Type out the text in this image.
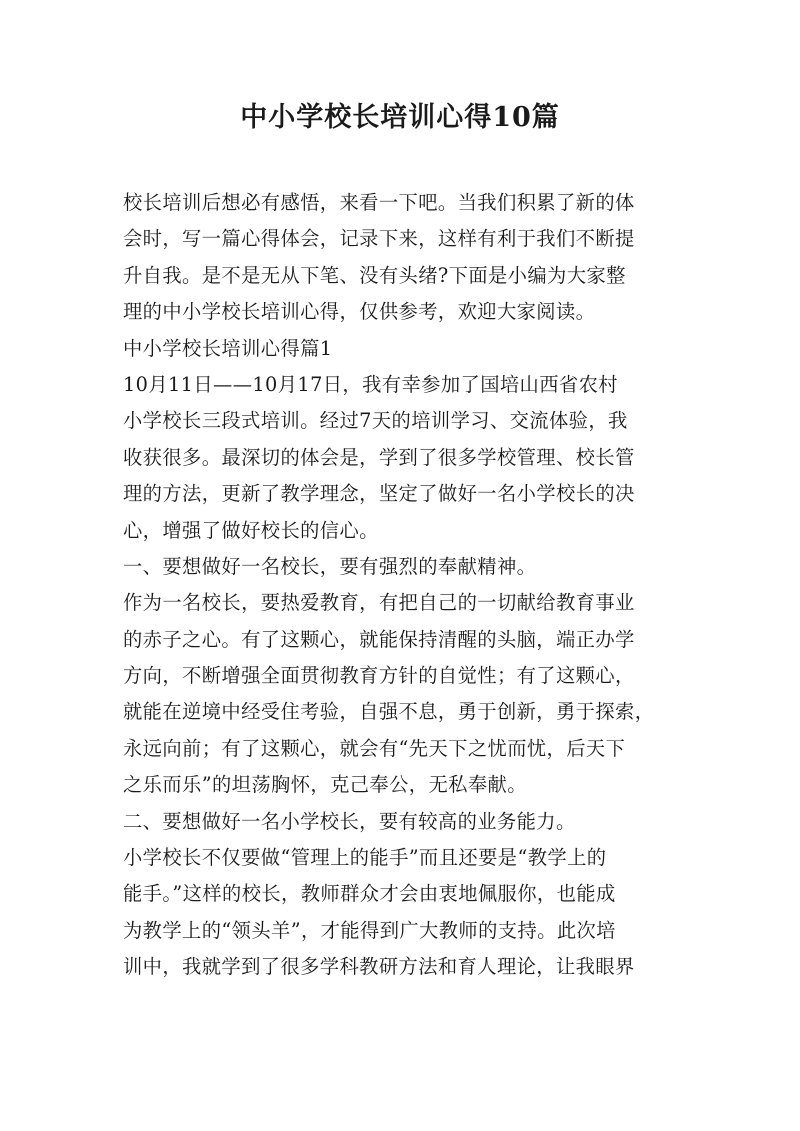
中小学校长培训心得10篇
校长培训后想必有感悟，来看一下吧。当我们积累了新的体
会时，写一篇心得体会，记录下来，这样有利于我们不断提
升自我。是不是无从下笔、没有头绪?下面是小编为大家整
理的中小学校长培训心得，仅供参考，欢迎大家阅读。
中小学校长培训心得篇1
10月11日——10月17日，我有幸参加了国培山西省农村
小学校长三段式培训。经过7天的培训学习、交流体验，我
收获很多。最深切的体会是，学到了很多学校管理、校长管
理的方法，更新了教学理念，坚定了做好一名小学校长的决
心，增强了做好校长的信心。
一、要想做好一名校长，要有强烈的奉献精神。
作为一名校长，要热爱教育，有把自己的一切献给教育事业
的赤子之心。有了这颗心，就能保持清醒的头脑，端正办学
方向，不断增强全面贯彻教育方针的自觉性；有了这颗心，
就能在逆境中经受住考验，自强不息，勇于创新，勇于探索，
永远向前；有了这颗心，就会有“先天下之忧而忧，后天下
之乐而乐”的坦荡胸怀，克己奉公，无私奉献。
二、要想做好一名小学校长，要有较高的业务能力。
小学校长不仅要做“管理上的能手”而且还要是“教学上的
能手。”这样的校长，教师群众才会由衷地佩服你，也能成
为教学上的“领头羊”，才能得到广大教师的支持。此次培
训中，我就学到了很多学科教研方法和育人理论，让我眼界
